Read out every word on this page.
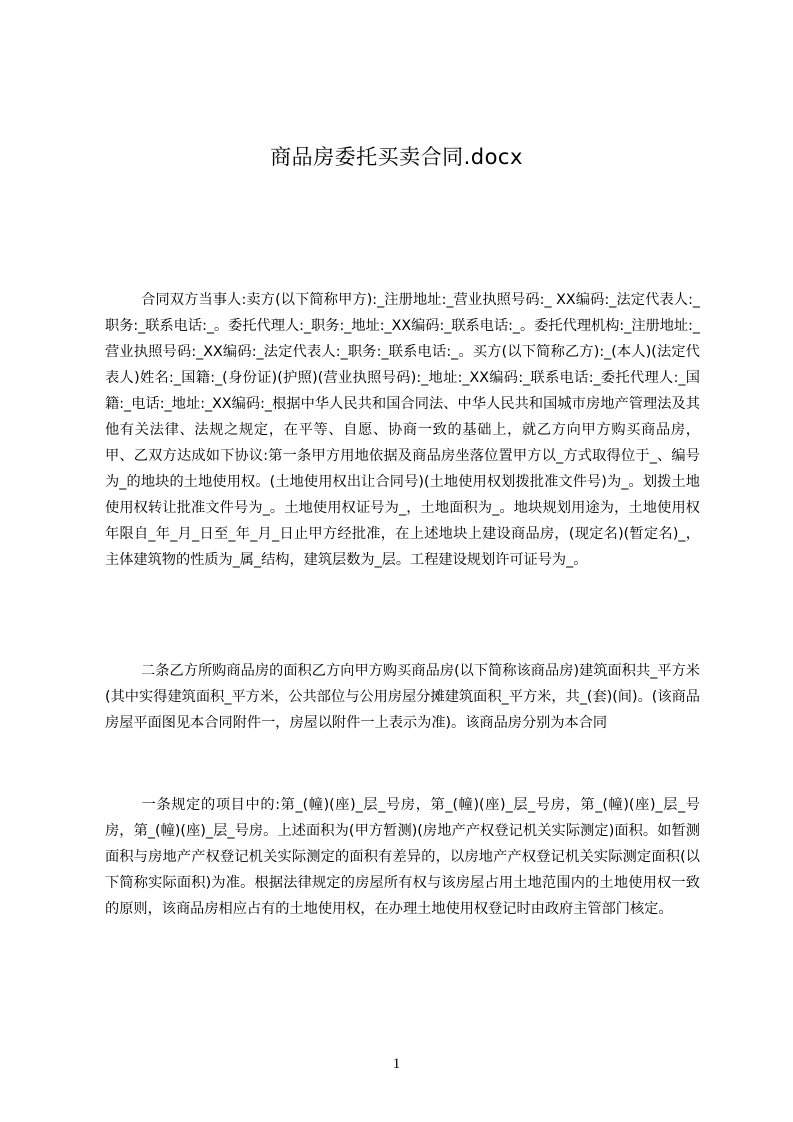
商品房委托买卖合同.docx
合同双方当事人:卖方(以下简称甲方):_注册地址:_营业执照号码:_ XX编码:_法定代表人:_职务:_联系电话:_。委托代理人:_职务:_地址:_XX编码:_联系电话:_。委托代理机构:_注册地址:_营业执照号码:_XX编码:_法定代表人:_职务:_联系电话:_。买方(以下简称乙方):_(本人)(法定代表人)姓名:_国籍:_(身份证)(护照)(营业执照号码):_地址:_XX编码:_联系电话:_委托代理人:_国籍:_电话:_地址:_XX编码:_根据中华人民共和国合同法、中华人民共和国城市房地产管理法及其他有关法律、法规之规定，在平等、自愿、协商一致的基础上，就乙方向甲方购买商品房，甲、乙双方达成如下协议:第一条甲方用地依据及商品房坐落位置甲方以_方式取得位于_、编号为_的地块的土地使用权。(土地使用权出让合同号)(土地使用权划拨批准文件号)为_。划拨土地使用权转让批准文件号为_。土地使用权证号为_，土地面积为_。地块规划用途为，土地使用权年限自_年_月_日至_年_月_日止甲方经批准，在上述地块上建设商品房，(现定名)(暂定名)_，主体建筑物的性质为_属_结构，建筑层数为_层。工程建设规划许可证号为_。
二条乙方所购商品房的面积乙方向甲方购买商品房(以下简称该商品房)建筑面积共_平方米(其中实得建筑面积_平方米，公共部位与公用房屋分摊建筑面积_平方米，共_(套)(间)。(该商品房屋平面图见本合同附件一，房屋以附件一上表示为准)。该商品房分别为本合同
一条规定的项目中的:第_(幢)(座)_层_号房，第_(幢)(座)_层_号房，第_(幢)(座)_层_号房，第_(幢)(座)_层_号房。上述面积为(甲方暂测)(房地产产权登记机关实际测定)面积。如暂测面积与房地产产权登记机关实际测定的面积有差异的，以房地产产权登记机关实际测定面积(以下简称实际面积)为准。根据法律规定的房屋所有权与该房屋占用土地范围内的土地使用权一致的原则，该商品房相应占有的土地使用权，在办理土地使用权登记时由政府主管部门核定。
1
